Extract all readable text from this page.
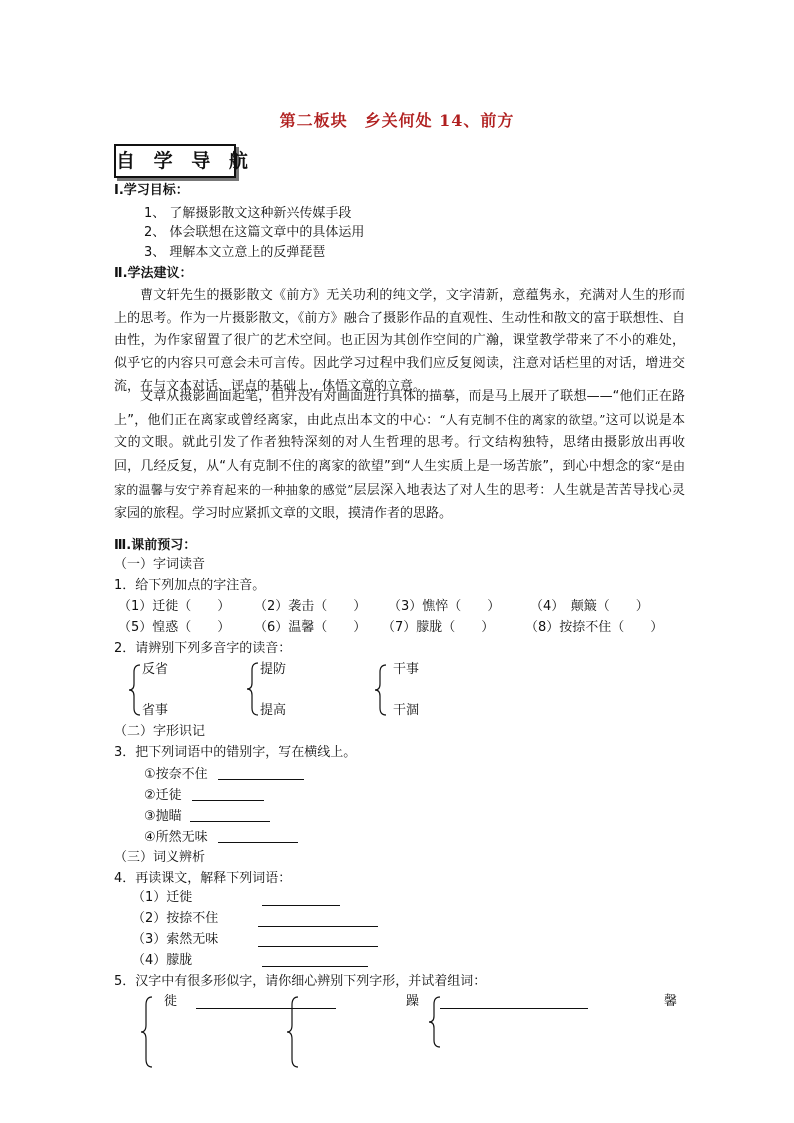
第二板块　乡关何处 14、前方
自 学 导 航
Ⅰ.学习目标：
1、 了解摄影散文这种新兴传媒手段
2、 体会联想在这篇文章中的具体运用
3、 理解本文立意上的反弹琵琶
Ⅱ.学法建议：
曹文轩先生的摄影散文《前方》无关功利的纯文学，文字清新，意蕴隽永，充满对人生的形而上的思考。作为一片摄影散文，《前方》融合了摄影作品的直观性、生动性和散文的富于联想性、自由性，为作家留置了很广的艺术空间。也正因为其创作空间的广瀚，课堂教学带来了不小的难处，似乎它的内容只可意会未可言传。因此学习过程中我们应反复阅读，注意对话栏里的对话，增进交流，在与文本对话、评点的基础上，体悟文章的立意。
文章从摄影画面起笔，但并没有对画面进行具体的描摹，而是马上展开了联想——“他们正在路上”，他们正在离家或曾经离家，由此点出本文的中心：“人有克制不住的离家的欲望。”这可以说是本文的文眼。就此引发了作者独特深刻的对人生哲理的思考。行文结构独特，思绪由摄影放出再收回，几经反复，从“人有克制不住的离家的欲望”到“人生实质上是一场苦旅”，到心中想念的家“是由家的温馨与安宁养育起来的一种抽象的感觉”层层深入地表达了对人生的思考：人生就是苦苦导找心灵家园的旅程。学习时应紧抓文章的文眼，摸清作者的思路。
Ⅲ.课前预习：
（一）字词读音
1．给下列加点的字注音。
（1）迁徙（　　） （2）袭击（　　） （3）憔悴（　　） （4）　颠簸（　　）
（5）惶惑（　　） （6）温馨（　　） （7）朦胧（　　） （8）按捺不住（　　）
2．请辨别下列多音字的读音：
反省
省事
提防
提高
干事
干涸
（二）字形识记
3．把下列词语中的错别字，写在横线上。
①按奈不住
②迁徒
③抛瞄
④所然无味
（三）词义辨析
4．再读课文，解释下列词语：
（1）迁徙
（2）按捺不住
（3）索然无味
（4）朦胧
5．汉字中有很多形似字，请你细心辨别下列字形，并试着组词：
徙	躁	馨
